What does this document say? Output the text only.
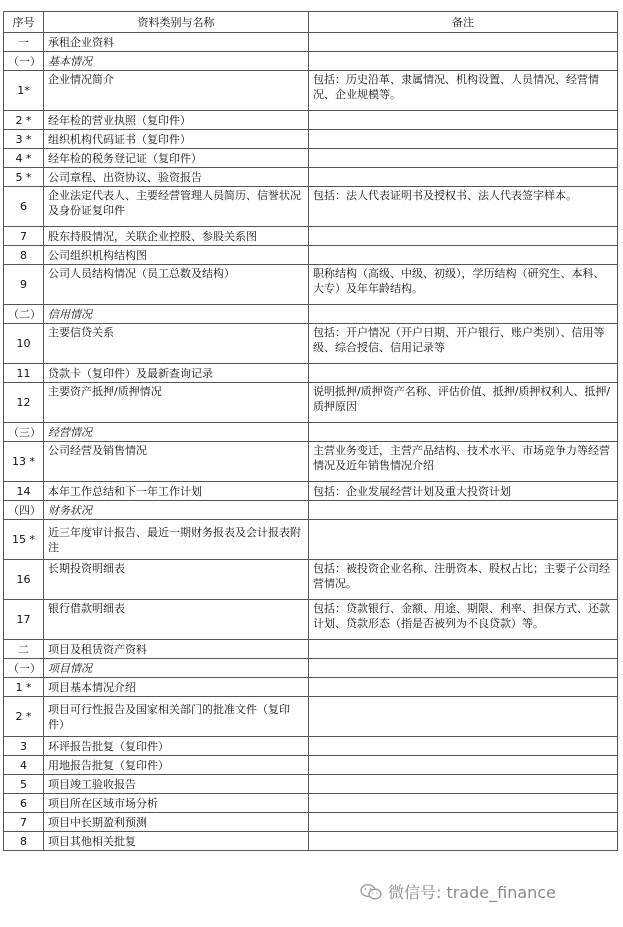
序号	资料类别与名称	备注
一	承租企业资料	
（一）	基本情况	
1*	企业情况简介	包括：历史沿革、隶属情况、机构设置、人员情况、经营情况、企业规模等。
2 *	经年检的营业执照（复印件）	
3 *	组织机构代码证书（复印件）	
4 *	经年检的税务登记证（复印件）	
5 *	公司章程、出资协议、验资报告	
6	企业法定代表人、主要经营管理人员简历、信誉状况及身份证复印件	包括：法人代表证明书及授权书、法人代表签字样本。
7	股东持股情况，关联企业控股、参股关系图	
8	公司组织机构结构图	
9	公司人员结构情况（员工总数及结构）	职称结构（高级、中级、初级），学历结构（研究生、本科、大专）及年年龄结构。
（二）	信用情况	
10	主要信贷关系	包括：开户情况（开户日期、开户银行、账户类别）、信用等级、综合授信、信用记录等
11	贷款卡（复印件）及最新查询记录	
12	主要资产抵押/质押情况	说明抵押/质押资产名称、评估价值、抵押/质押权利人、抵押/质押原因
（三）	经营情况	
13 *	公司经营及销售情况	主营业务变迁，主营产品结构、技术水平、市场竞争力等经营情况及近年销售情况介绍
14	本年工作总结和下一年工作计划	包括：企业发展经营计划及重大投资计划
（四）	财务状况	
15 *	近三年度审计报告、最近一期财务报表及会计报表附注	
16	长期投资明细表	包括：被投资企业名称、注册资本、股权占比；主要子公司经营情况。
17	银行借款明细表	包括：贷款银行、金额、用途、期限、利率、担保方式、还款计划、贷款形态（指是否被列为不良贷款）等。
二	项目及租赁资产资料	
（一）	项目情况	
1 *	项目基本情况介绍	
2 *	项目可行性报告及国家相关部门的批准文件（复印件）	
3	环评报告批复（复印件）	
4	用地报告批复（复印件）	
5	项目竣工验收报告	
6	项目所在区域市场分析	
7	项目中长期盈利预测	
8	项目其他相关批复	
微信号: trade_finance
